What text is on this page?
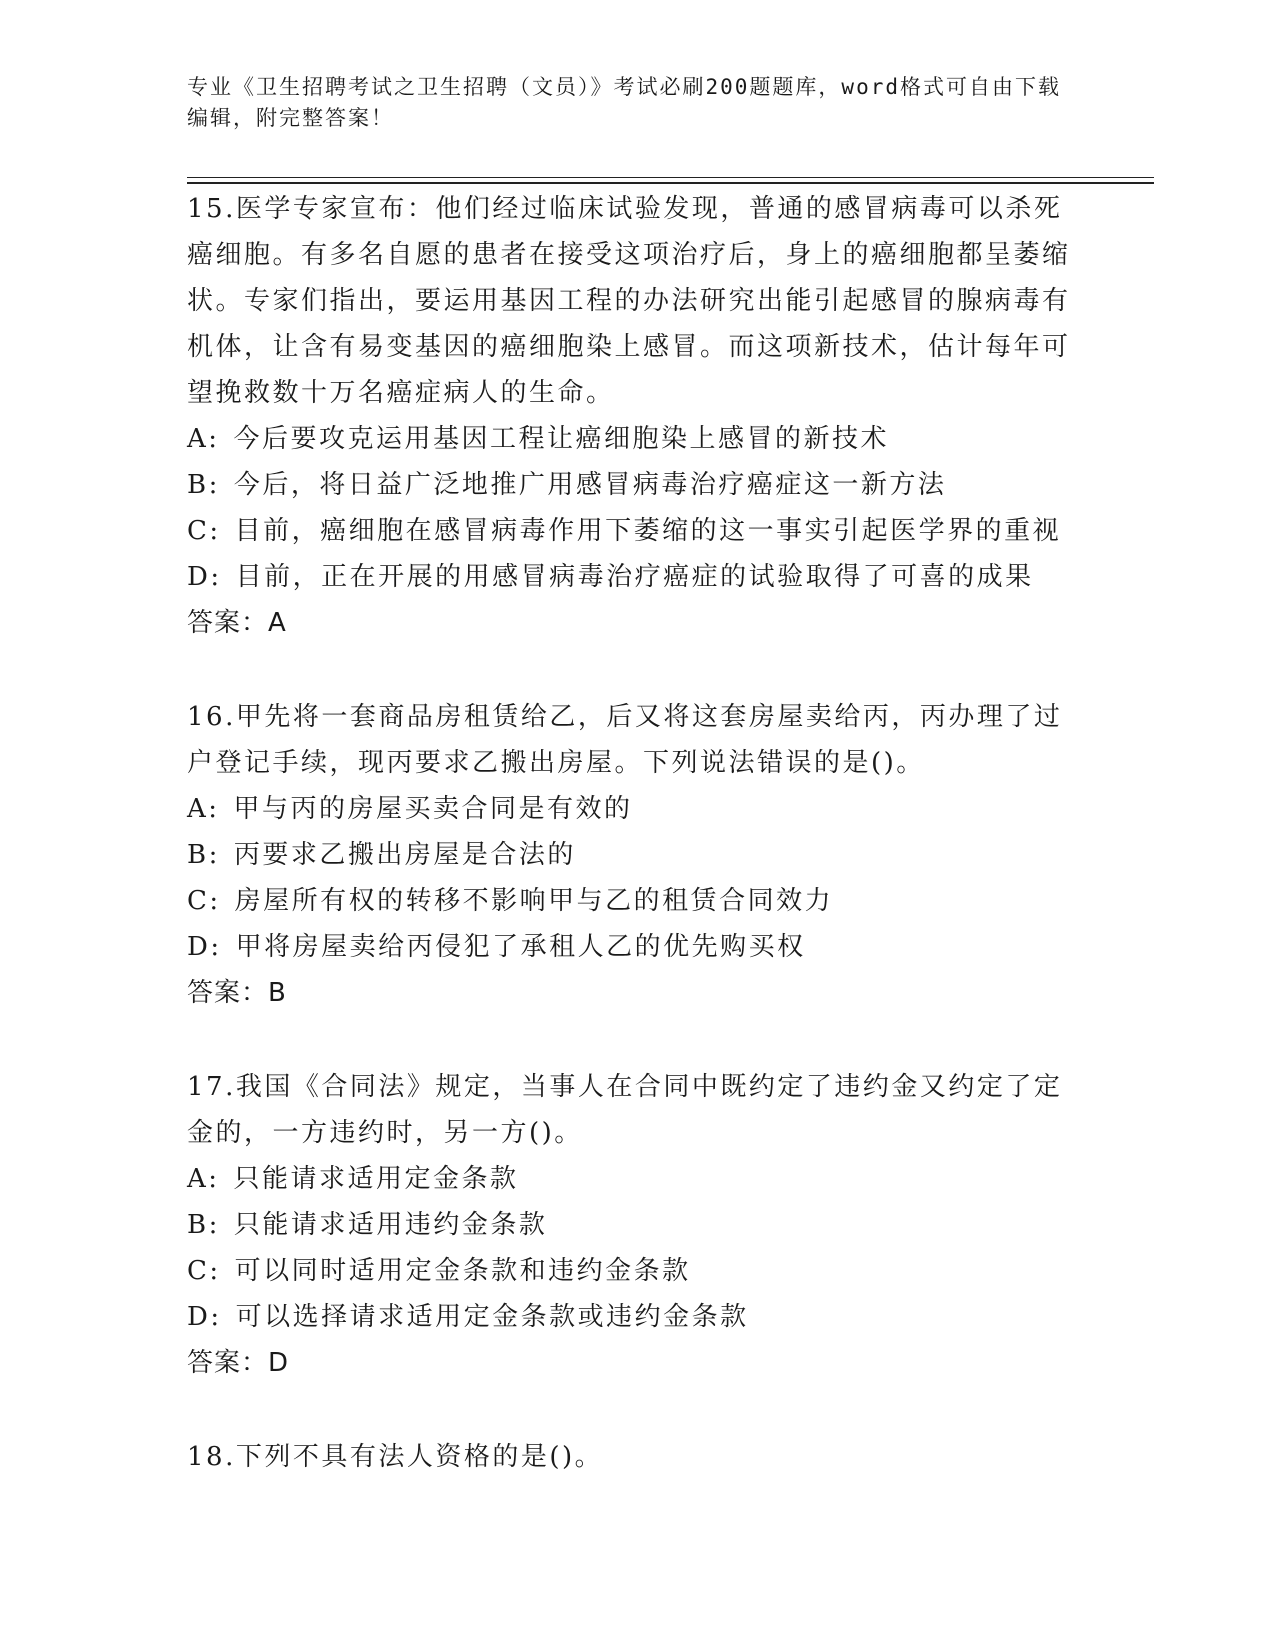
专业《卫生招聘考试之卫生招聘（文员）》考试必刷200题题库，word格式可自由下载编辑，附完整答案！

15.医学专家宣布：他们经过临床试验发现，普通的感冒病毒可以杀死癌细胞。有多名自愿的患者在接受这项治疗后，身上的癌细胞都呈萎缩状。专家们指出，要运用基因工程的办法研究出能引起感冒的腺病毒有机体，让含有易变基因的癌细胞染上感冒。而这项新技术，估计每年可望挽救数十万名癌症病人的生命。

A: 今后要攻克运用基因工程让癌细胞染上感冒的新技术

B: 今后，将日益广泛地推广用感冒病毒治疗癌症这一新方法

C: 目前，癌细胞在感冒病毒作用下萎缩的这一事实引起医学界的重视

D: 目前，正在开展的用感冒病毒治疗癌症的试验取得了可喜的成果

答案：A

16.甲先将一套商品房租赁给乙，后又将这套房屋卖给丙，丙办理了过户登记手续，现丙要求乙搬出房屋。下列说法错误的是()。

A: 甲与丙的房屋买卖合同是有效的

B: 丙要求乙搬出房屋是合法的

C: 房屋所有权的转移不影响甲与乙的租赁合同效力

D: 甲将房屋卖给丙侵犯了承租人乙的优先购买权

答案：B

17.我国《合同法》规定，当事人在合同中既约定了违约金又约定了定金的，一方违约时，另一方()。

A: 只能请求适用定金条款

B: 只能请求适用违约金条款

C: 可以同时适用定金条款和违约金条款

D: 可以选择请求适用定金条款或违约金条款

答案：D

18.下列不具有法人资格的是()。
